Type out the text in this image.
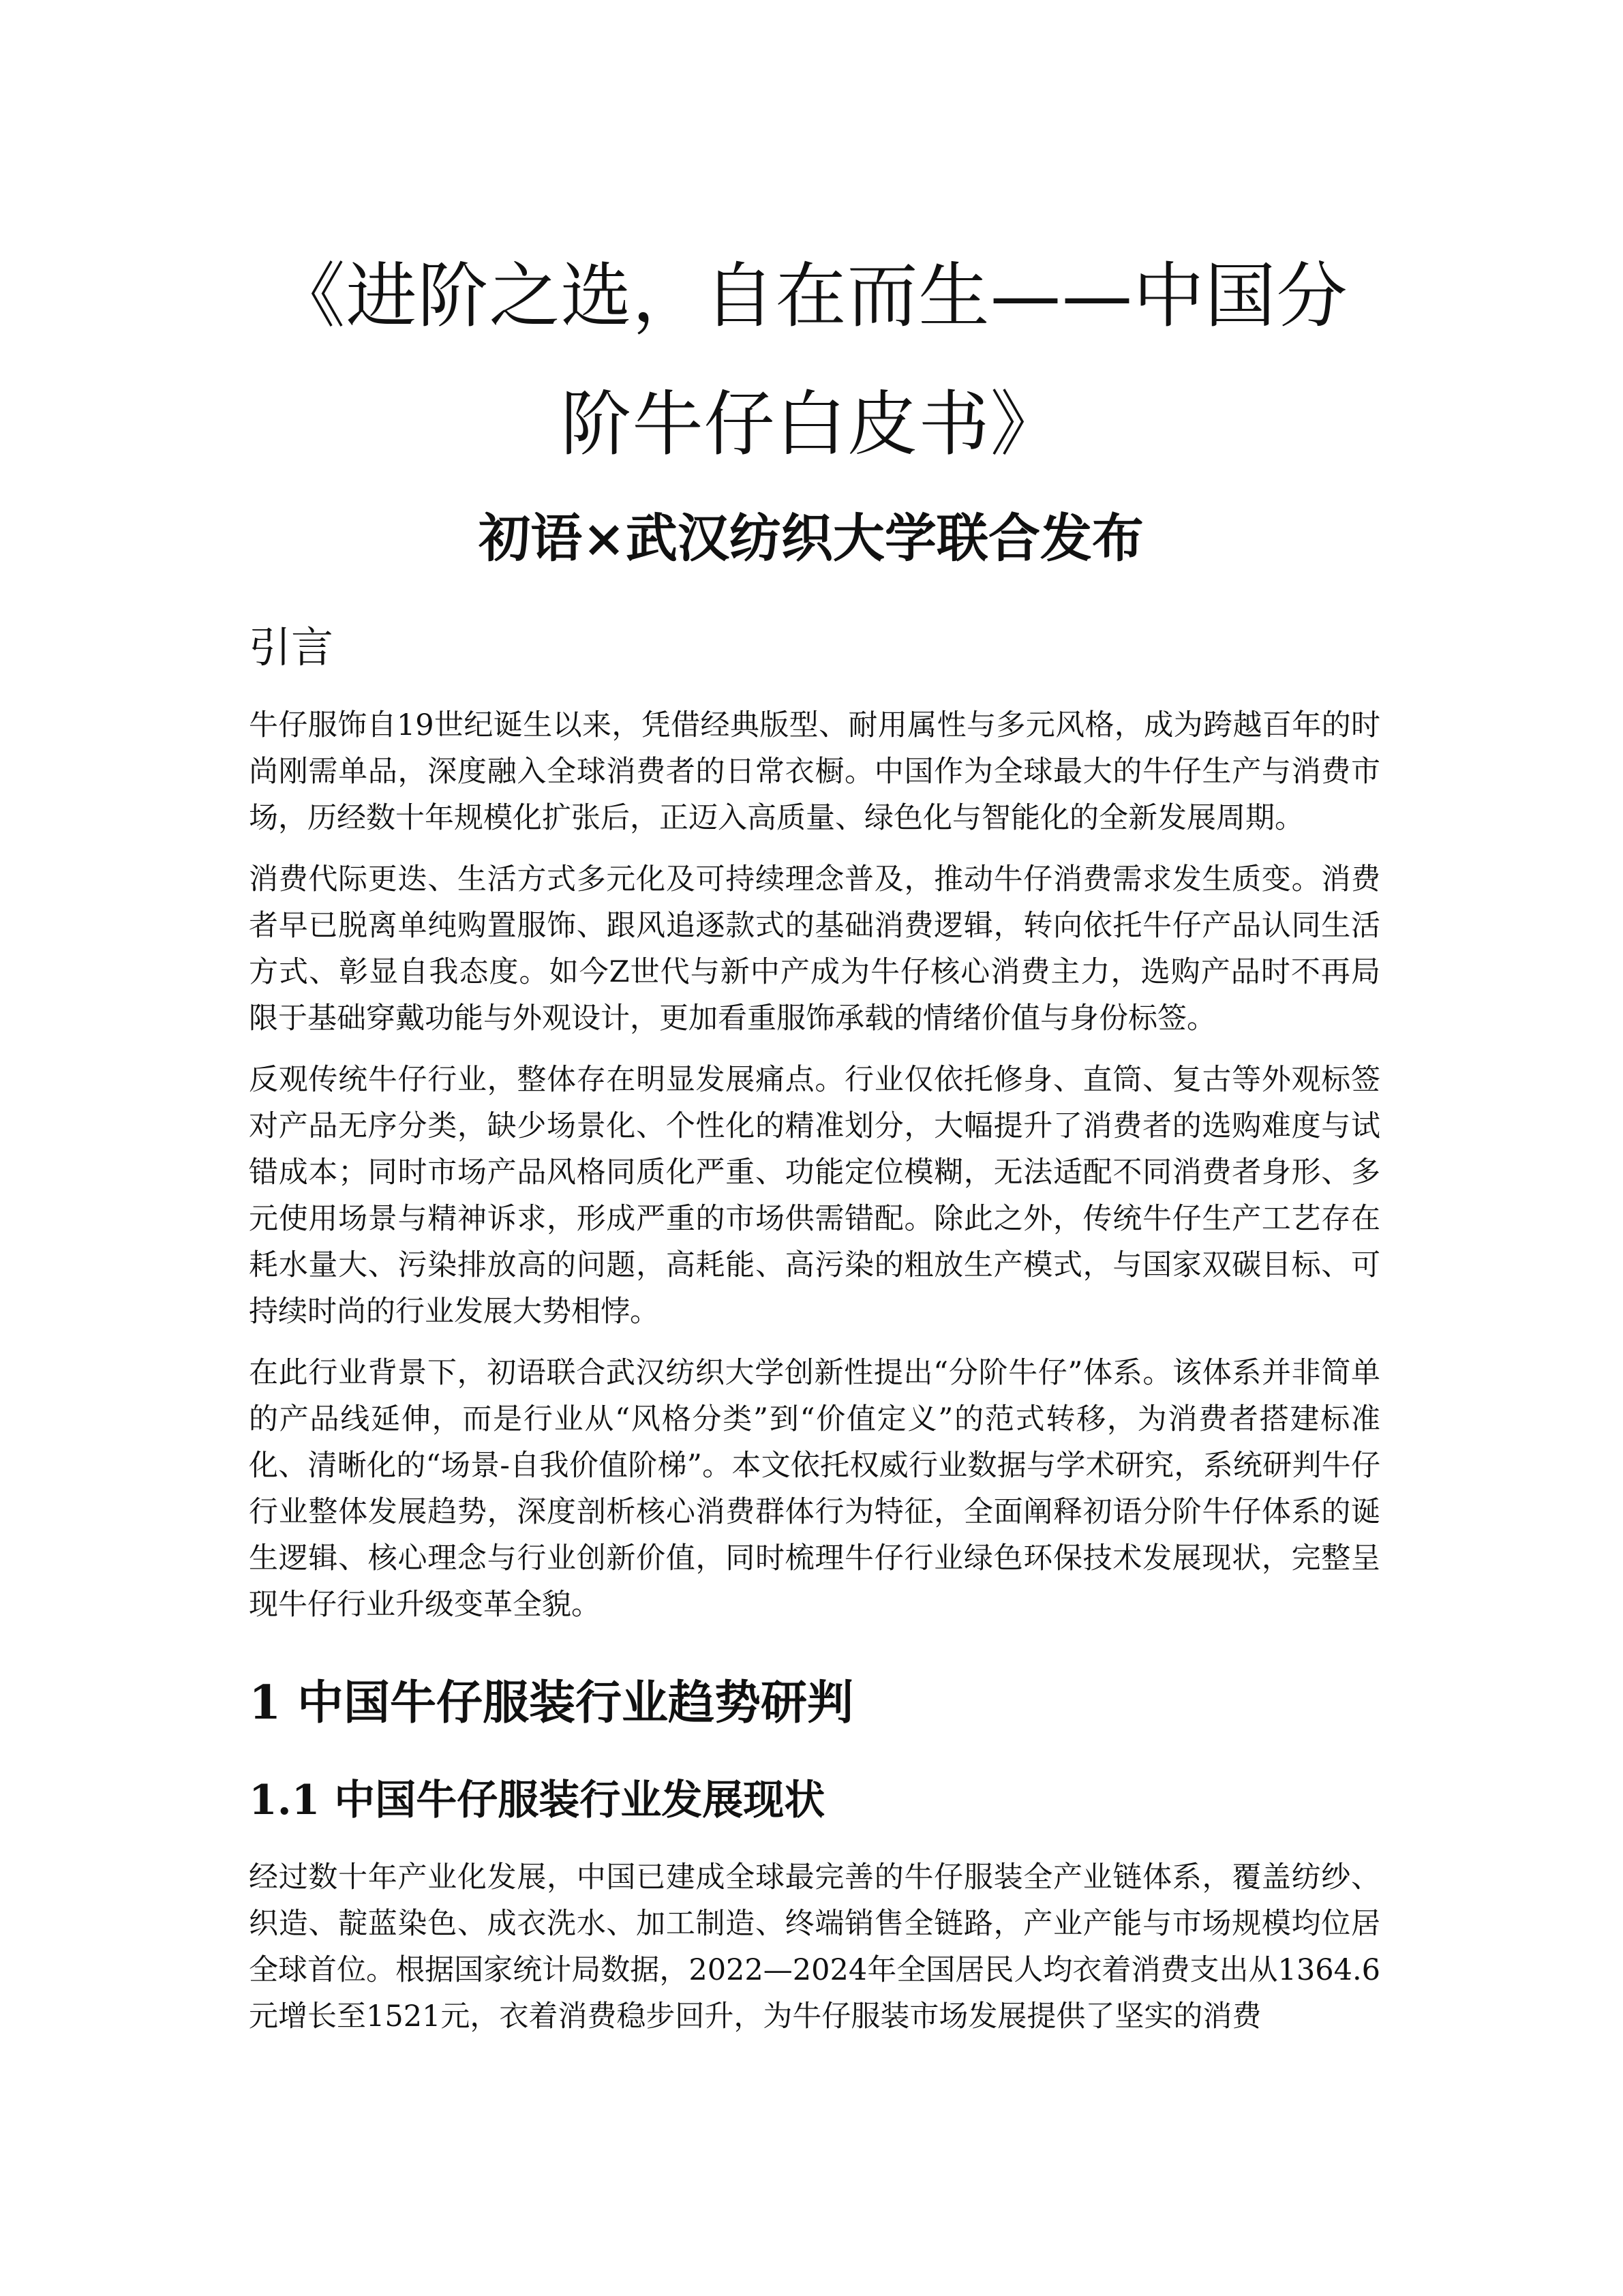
《进阶之选，自在而生——中国分
阶牛仔白皮书》
初语×武汉纺织大学联合发布
引言

牛仔服饰自19世纪诞生以来，凭借经典版型、耐用属性与多元风格，成为跨越百年的时尚刚需单品，深度融入全球消费者的日常衣橱。中国作为全球最大的牛仔生产与消费市场，历经数十年规模化扩张后，正迈入高质量、绿色化与智能化的全新发展周期。

消费代际更迭、生活方式多元化及可持续理念普及，推动牛仔消费需求发生质变。消费者早已脱离单纯购置服饰、跟风追逐款式的基础消费逻辑，转向依托牛仔产品认同生活方式、彰显自我态度。如今Z世代与新中产成为牛仔核心消费主力，选购产品时不再局限于基础穿戴功能与外观设计，更加看重服饰承载的情绪价值与身份标签。

反观传统牛仔行业，整体存在明显发展痛点。行业仅依托修身、直筒、复古等外观标签对产品无序分类，缺少场景化、个性化的精准划分，大幅提升了消费者的选购难度与试错成本；同时市场产品风格同质化严重、功能定位模糊，无法适配不同消费者身形、多元使用场景与精神诉求，形成严重的市场供需错配。除此之外，传统牛仔生产工艺存在耗水量大、污染排放高的问题，高耗能、高污染的粗放生产模式，与国家双碳目标、可持续时尚的行业发展大势相悖。

在此行业背景下，初语联合武汉纺织大学创新性提出“分阶牛仔”体系。该体系并非简单的产品线延伸，而是行业从“风格分类”到“价值定义”的范式转移，为消费者搭建标准化、清晰化的“场景-自我价值阶梯”。本文依托权威行业数据与学术研究，系统研判牛仔行业整体发展趋势，深度剖析核心消费群体行为特征，全面阐释初语分阶牛仔体系的诞生逻辑、核心理念与行业创新价值，同时梳理牛仔行业绿色环保技术发展现状，完整呈现牛仔行业升级变革全貌。

1 中国牛仔服装行业趋势研判
1.1 中国牛仔服装行业发展现状

经过数十年产业化发展，中国已建成全球最完善的牛仔服装全产业链体系，覆盖纺纱、织造、靛蓝染色、成衣洗水、加工制造、终端销售全链路，产业产能与市场规模均位居全球首位。根据国家统计局数据，2022—2024年全国居民人均衣着消费支出从1364.6元增长至1521元，衣着消费稳步回升，为牛仔服装市场发展提供了坚实的消费
